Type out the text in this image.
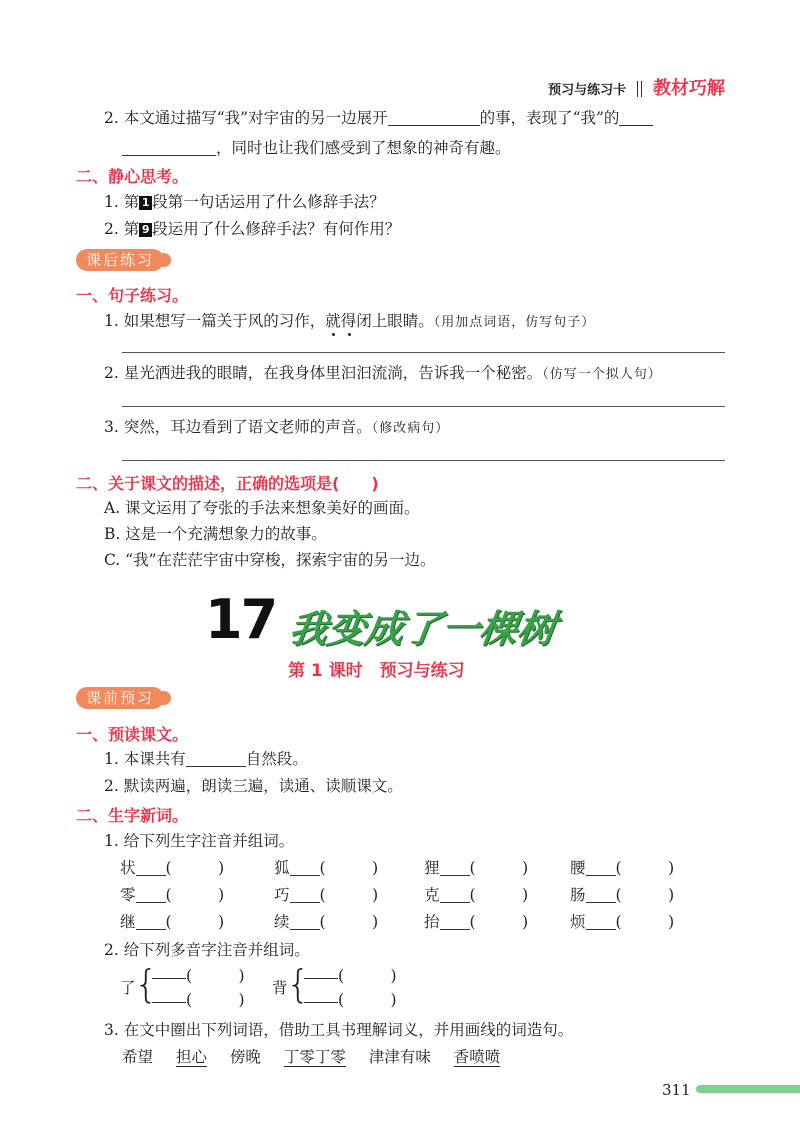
预习与练习卡 教材巧解
2. 本文通过描写“我”对宇宙的另一边展开	的事，表现了“我”的
，同时也让我们感受到了想象的神奇有趣。
二、静心思考。
1. 第 1 段第一句话运用了什么修辞手法？
2. 第 9 段运用了什么修辞手法？有何作用？
课后练习
一、句子练习。
1. 如果想写一篇关于风的习作，就得闭上眼睛。（用加点词语，仿写句子）
2. 星光洒进我的眼睛，在我身体里汩汩流淌，告诉我一个秘密。（仿写一个拟人句）
3. 突然，耳边看到了语文老师的声音。（修改病句）
二、关于课文的描述，正确的选项是(　　)
A. 课文运用了夸张的手法来想象美好的画面。
B. 这是一个充满想象力的故事。
C. “我”在茫茫宇宙中穿梭，探索宇宙的另一边。
17 我变成了一棵树
第 1 课时　预习与练习
课前预习
一、预读课文。
1. 本课共有	自然段。
2. 默读两遍，朗读三遍，读通、读顺课文。
二、生字新词。
1. 给下列生字注音并组词。
状 (　　　)	狐 (　　　)	狸 (　　　)	腰 (　　　)
零 (　　　)	巧 (　　　)	克 (　　　)	肠 (　　　)
继 (　　　)	续 (　　　)	抬 (　　　)	烦 (　　　)
2. 给下列多音字注音并组词。
了
{ (　　　)
(　　　)
背
{ (　　　)
(　　　)
3. 在文中圈出下列词语，借助工具书理解词义，并用画线的词造句。
希望 担心 傍晚 丁零丁零 津津有味 香喷喷
311
